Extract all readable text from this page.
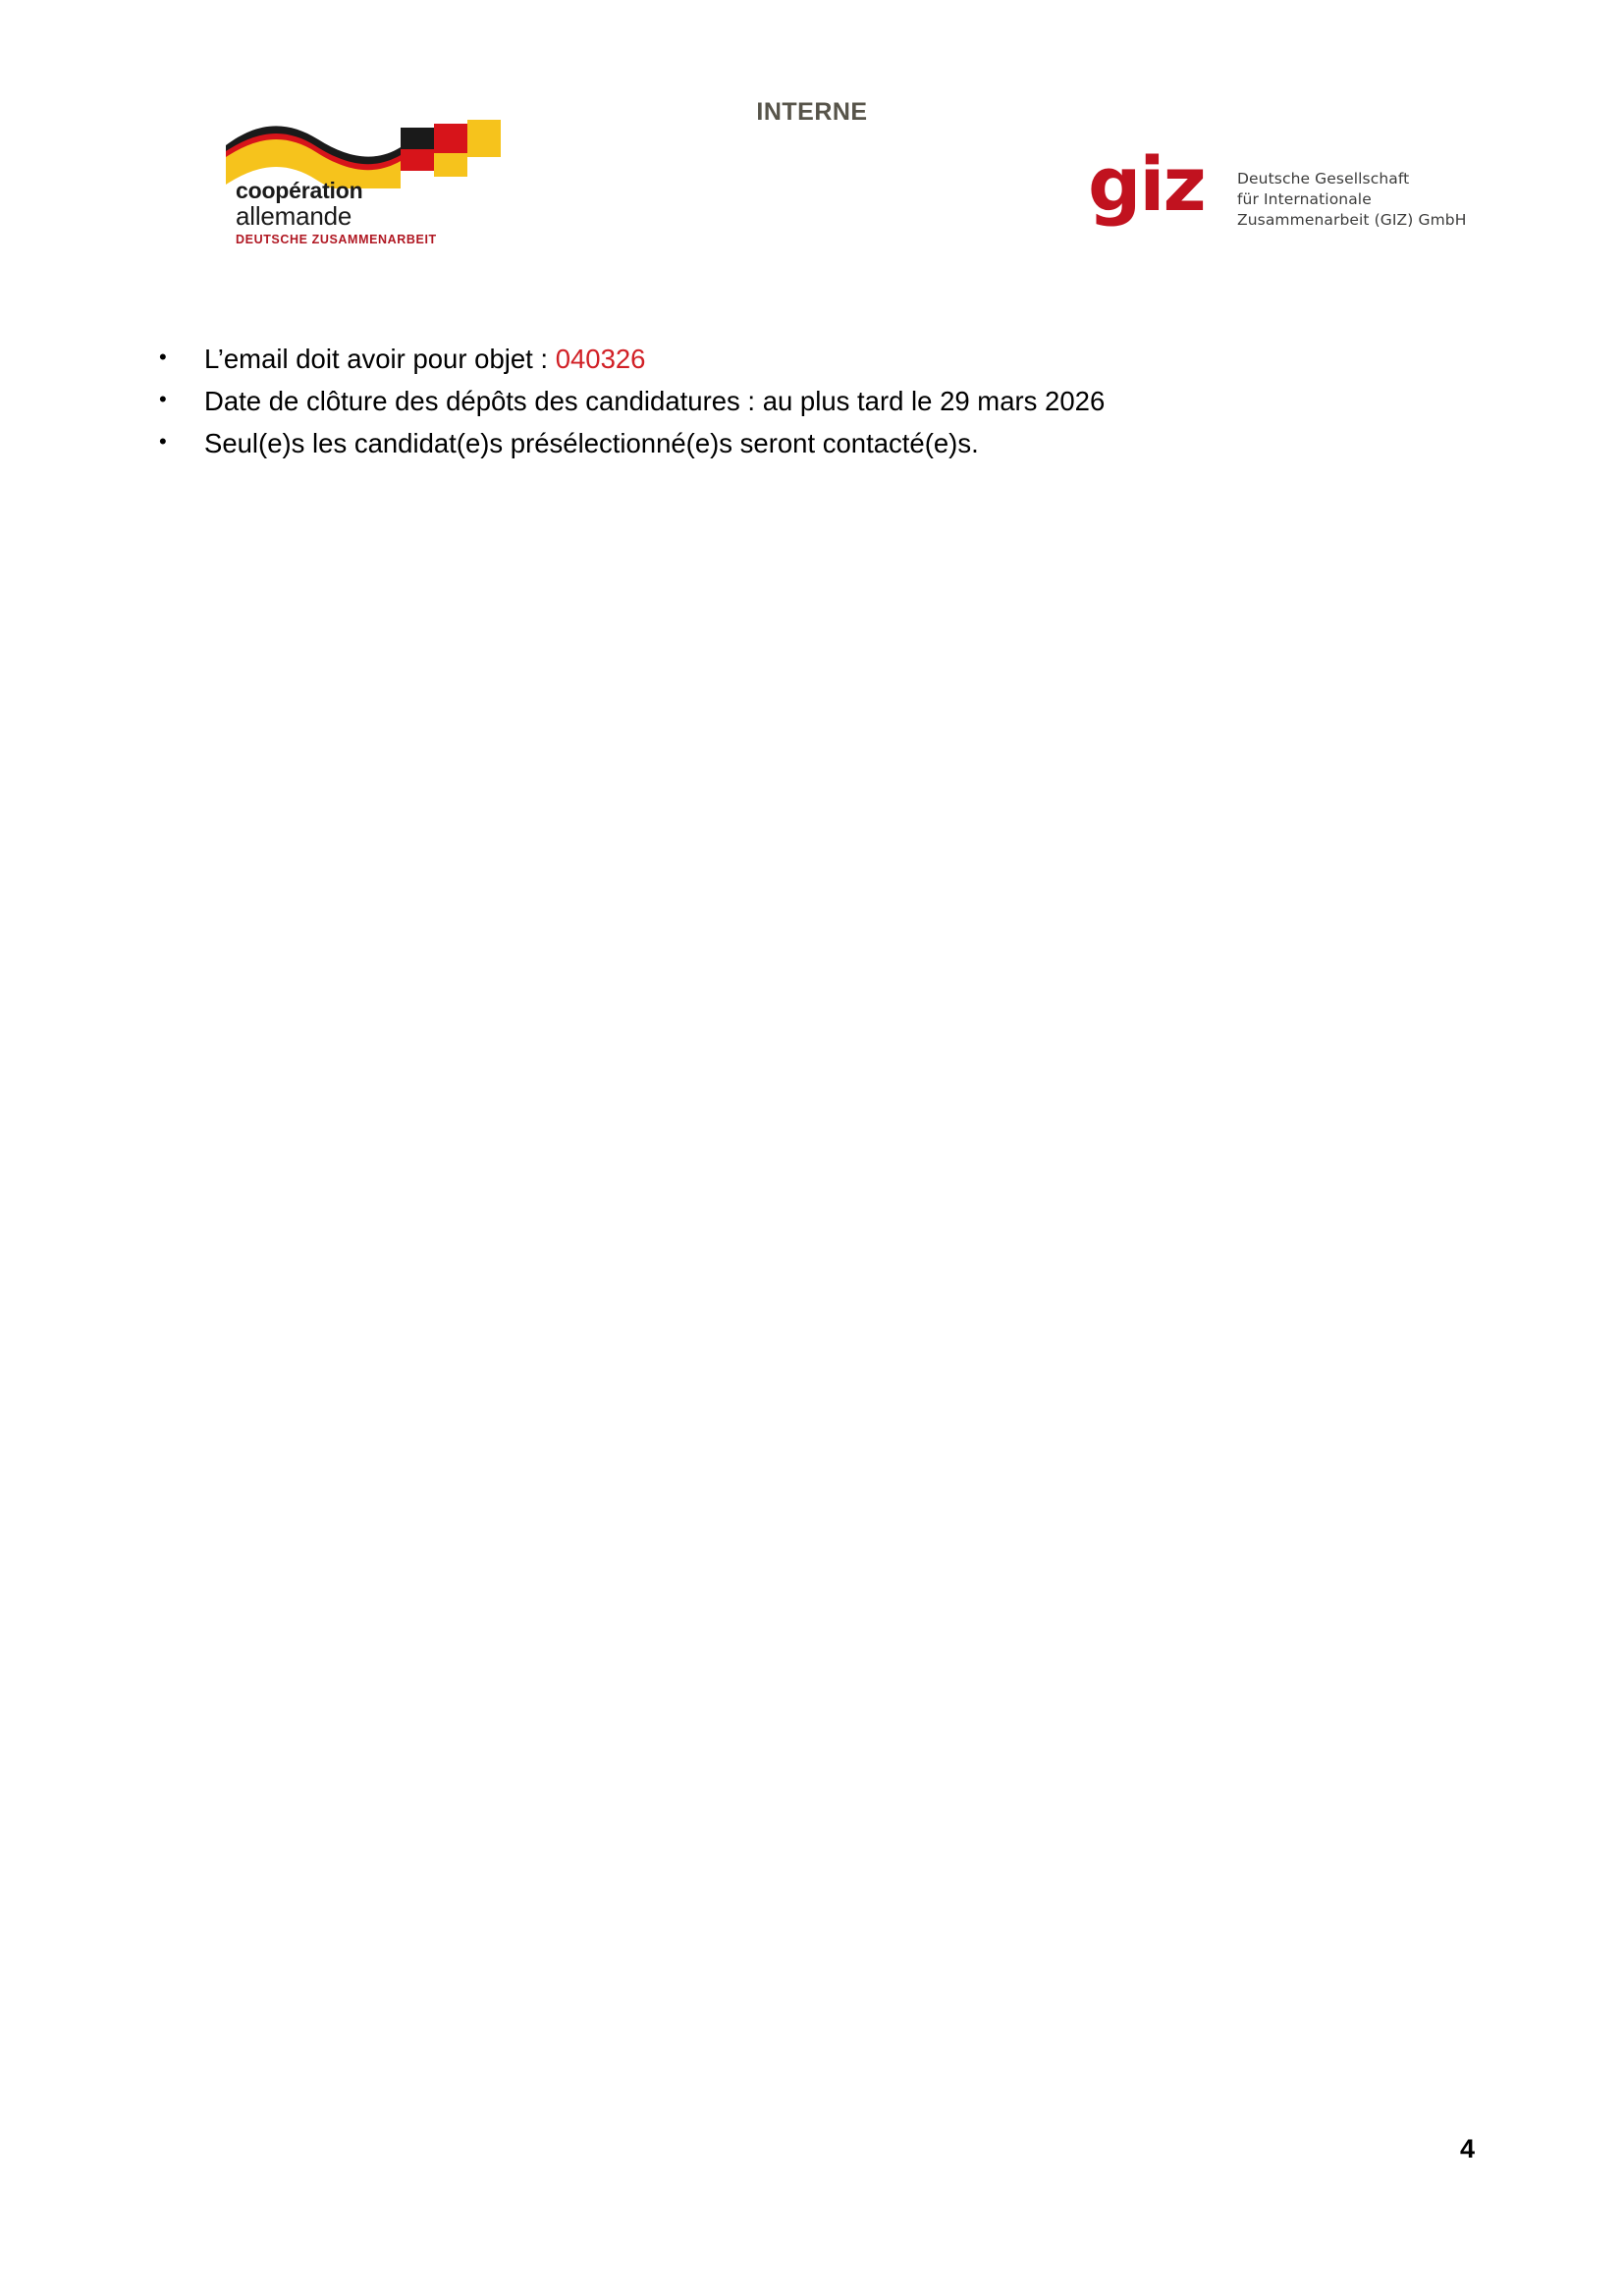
INTERNE
coopération
allemande
DEUTSCHE ZUSAMMENARBEIT
giz Deutsche Gesellschaft
für Internationale
Zusammenarbeit (GIZ) GmbH
• L’email doit avoir pour objet : 040326
• Date de clôture des dépôts des candidatures : au plus tard le 29 mars 2026
• Seul(e)s les candidat(e)s présélectionné(e)s seront contacté(e)s.
4
